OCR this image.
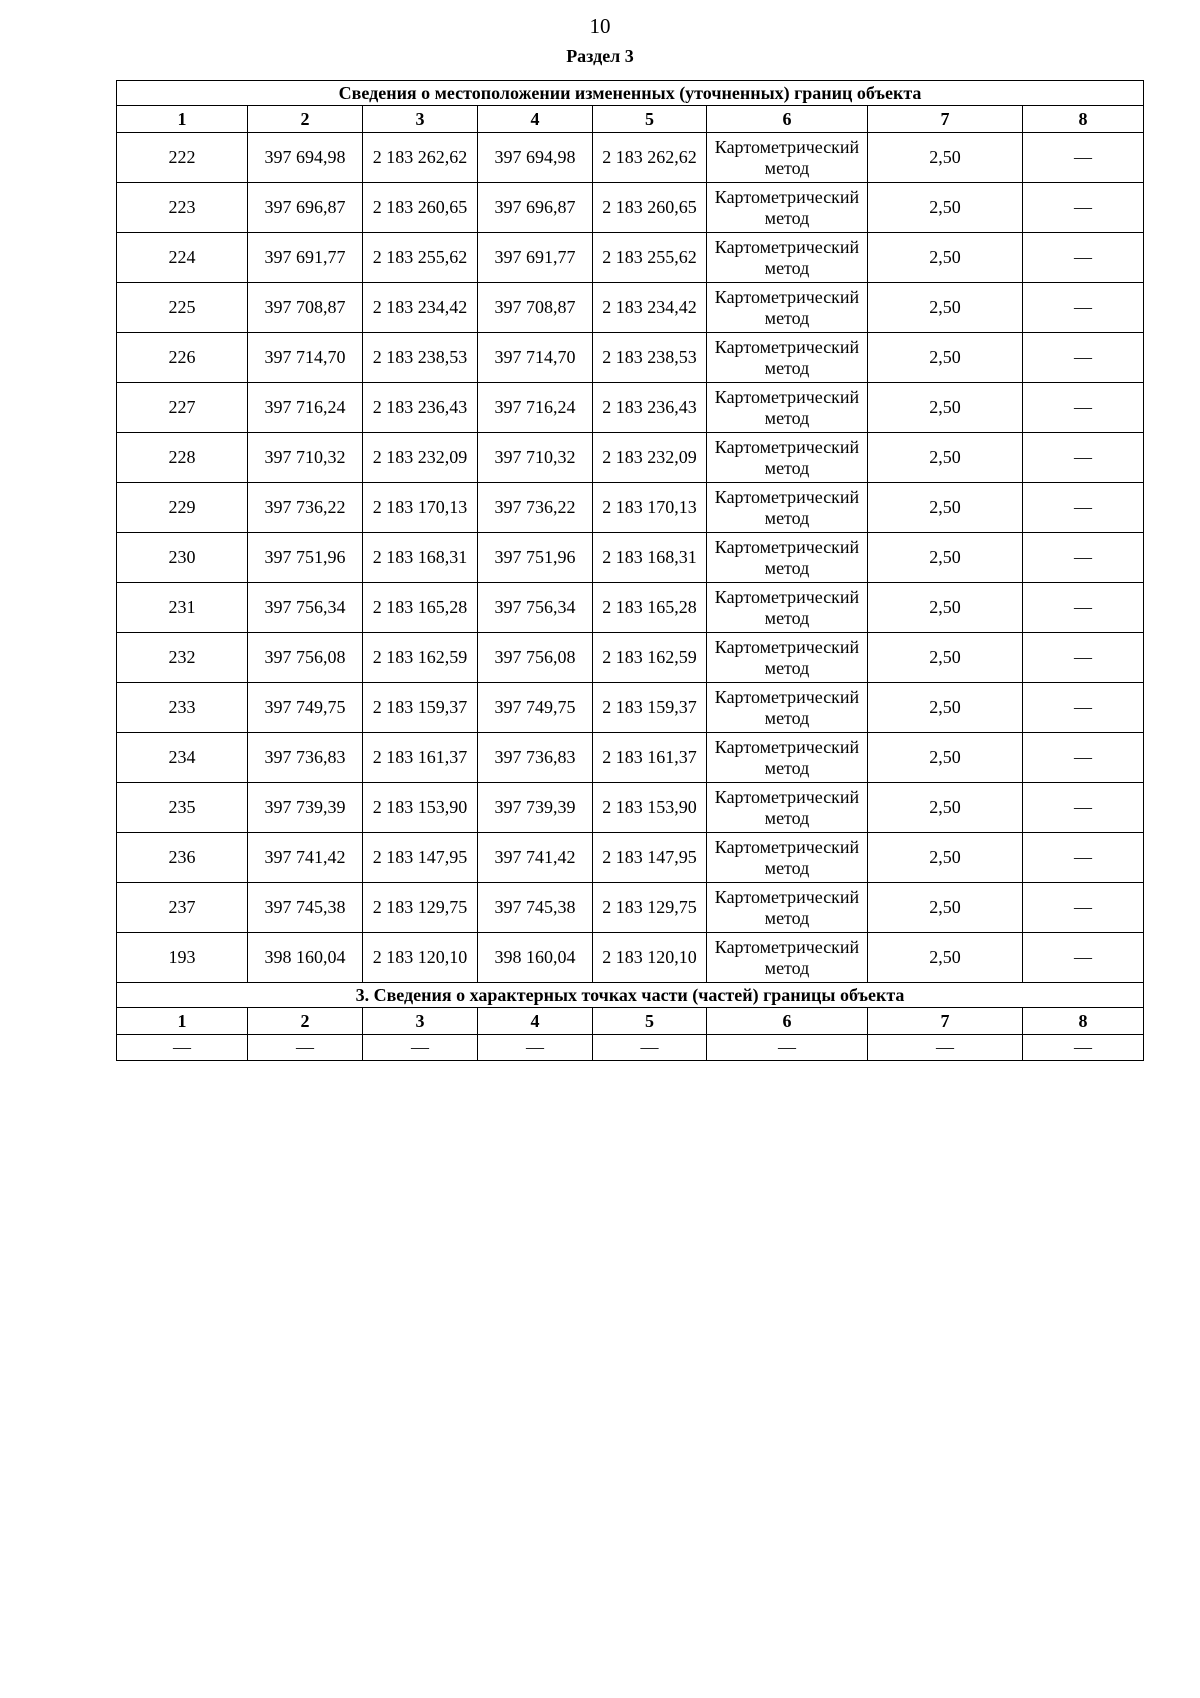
10
Раздел 3
Сведения о местоположении измененных (уточненных) границ объекта							
1	2	3	4	5	6	7	8
222	397 694,98	2 183 262,62	397 694,98	2 183 262,62	Картометрический метод	2,50	—
223	397 696,87	2 183 260,65	397 696,87	2 183 260,65	Картометрический метод	2,50	—
224	397 691,77	2 183 255,62	397 691,77	2 183 255,62	Картометрический метод	2,50	—
225	397 708,87	2 183 234,42	397 708,87	2 183 234,42	Картометрический метод	2,50	—
226	397 714,70	2 183 238,53	397 714,70	2 183 238,53	Картометрический метод	2,50	—
227	397 716,24	2 183 236,43	397 716,24	2 183 236,43	Картометрический метод	2,50	—
228	397 710,32	2 183 232,09	397 710,32	2 183 232,09	Картометрический метод	2,50	—
229	397 736,22	2 183 170,13	397 736,22	2 183 170,13	Картометрический метод	2,50	—
230	397 751,96	2 183 168,31	397 751,96	2 183 168,31	Картометрический метод	2,50	—
231	397 756,34	2 183 165,28	397 756,34	2 183 165,28	Картометрический метод	2,50	—
232	397 756,08	2 183 162,59	397 756,08	2 183 162,59	Картометрический метод	2,50	—
233	397 749,75	2 183 159,37	397 749,75	2 183 159,37	Картометрический метод	2,50	—
234	397 736,83	2 183 161,37	397 736,83	2 183 161,37	Картометрический метод	2,50	—
235	397 739,39	2 183 153,90	397 739,39	2 183 153,90	Картометрический метод	2,50	—
236	397 741,42	2 183 147,95	397 741,42	2 183 147,95	Картометрический метод	2,50	—
237	397 745,38	2 183 129,75	397 745,38	2 183 129,75	Картометрический метод	2,50	—
193	398 160,04	2 183 120,10	398 160,04	2 183 120,10	Картометрический метод	2,50	—
3. Сведения о характерных точках части (частей) границы объекта							
1	2	3	4	5	6	7	8
—	—	—	—	—	—	—	—
